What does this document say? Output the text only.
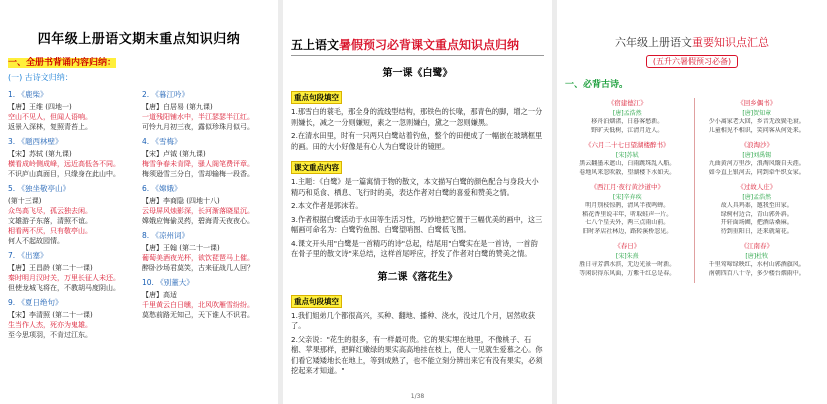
四年级上册语文期末重点知识归纳
一、全册书背诵内容归纳：
(一) 古诗文归纳：
1. 《鹿柴》
【唐】王维 (四地一)
空山不见人，但闻人语响。
返景入深林，复照青苔上。
3. 《题西林壁》
【宋】苏轼 (第九课)
横看成岭侧成峰，远近高低各不同。
不识庐山真面目，只缘身在此山中。
5. 《独坐敬亭山》
(第十三课)
众鸟高飞尽，孤云独去闲。
文雄游子东落，清照不谊。
相看两不厌，只有敬亭山。
何人不起故园情。
7. 《出塞》
【唐】王昌龄 (第二十一课)
秦时明月汉时关，万里长征人未还。
但使龙城飞将在，不教胡马度阴山。
9. 《夏日绝句》
【宋】李清照 (第二十一课)
生当作人杰，死亦为鬼雄。
至今思项羽，不肯过江东。
2. 《暮江吟》
【唐】白居易 (第九课)
一道残阳铺水中，半江瑟瑟半江红。
可怜九月初三夜，露似珍珠月似弓。
4. 《雪梅》
【宋】卢钺 (第九课)
梅雪争春未肯降，骚人阁笔费评章。
梅须逊雪三分白，雪却输梅一段香。
6. 《嫦娥》
【唐】李商隐 (四地十八)
云母屏风烛影深，长河渐落晓星沉。
嫦娥应悔偷灵药，碧海青天夜夜心。
8. 《凉州词》
【唐】王翰 (第二十一课)
葡萄美酒夜光杯，欲饮琵琶马上催。
醉卧沙场君莫笑，古来征战几人回？
10. 《别董大》
【唐】高适
千里黄云白日曛，北风吹雁雪纷纷。
莫愁前路无知己，天下谁人不识君。
五上语文暑假预习必背课文重点知识点归纳
第一课《白鹭》
重点句段填空
1.那雪白的蓑毛，那全身的流线型结构，那铁色的长喙，那青色的脚，增之一分则嫌长，减之一分则嫌短，素之一忽则嫌白，黛之一忽则嫌黑。
2.在清水田里，时有一只两只白鹭站着钓鱼，整个的田便成了一幅嵌在玻璃框里的画。田的大小好像是有心人为白鹭设计的镜匣。
课文重点内容
1.主题：《白鹭》是一篇寓情于物的散文，本文描写白鹭的颜色配合与身段大小精巧和觅食、栖息、飞行时的美，表达作者对白鹭的喜爱和赞美之情。
2.本文作者是郭沫若。
3.作者根据白鹭活动于水田等生活习性，巧妙地把它置于三幅优美的画中，这三幅画可命名为：白鹭钓鱼图、白鹭望哨图、白鹭低飞图。
4.课文开头用"白鹭是一首精巧的诗"总起，结尾用"白鹭实在是一首诗，一首韵在骨子里的散文诗"来总结，这样首尾呼应，抒发了作者对白鹭的赞美之情。
第二课《落花生》
重点句段填空
1.我们姐弟几个都很高兴，买种、翻地、播种、浇水，没过几个月，居然收获了。
2.父亲说："花生的很多，有一样最可贵。它的果实埋在地里，不像桃子、石榴、苹果那样，把鲜红嫩绿的果实高高地挂在枝上，使人一见就生爱慕之心。你们看它矮矮地长在地上，等到成熟了，也不能立刻分辨出来它有没有果实，必须挖起来才知道。"
1/38
六年级上册语文重要知识点汇总
(五升六暑假预习必备)
一、必背古诗。
《宿建德江》
[唐]孟浩然
移舟泊烟渚，日暮客愁新。
野旷天低树，江清月近人。
《六月二十七日望湖楼醉书》
[宋]苏轼
黑云翻墨未遮山，白雨跳珠乱入船。
卷地风来忽吹散，望湖楼下水如天。
《西江月·夜行黄沙道中》
[宋]辛弃疾
明月别枝惊鹊，清风半夜鸣蝉。
稻花香里说丰年，听取蛙声一片。
七八个星天外，两三点雨山前。
旧时茅店社林边，路转溪桥忽见。
《春日》
[宋]朱熹
胜日寻芳泗水滨，无边光景一时新。
等闲识得东风面，万紫千红总是春。
《回乡偶书》
[唐]贺知章
少小离家老大回，乡音无改鬓毛衰。
儿童相见不相识，笑问客从何处来。
《浪淘沙》
[唐]刘禹锡
九曲黄河万里沙，浪淘风簸自天涯。
如今直上银河去，同到牵牛织女家。
《过故人庄》
[唐]孟浩然
故人具鸡黍，邀我至田家。
绿树村边合，青山郭外斜。
开轩面场圃，把酒话桑麻。
待到重阳日，还来就菊花。
《江南春》
[唐]杜牧
千里莺啼绿映红，水村山郭酒旗风。
南朝四百八十寺，多少楼台烟雨中。
